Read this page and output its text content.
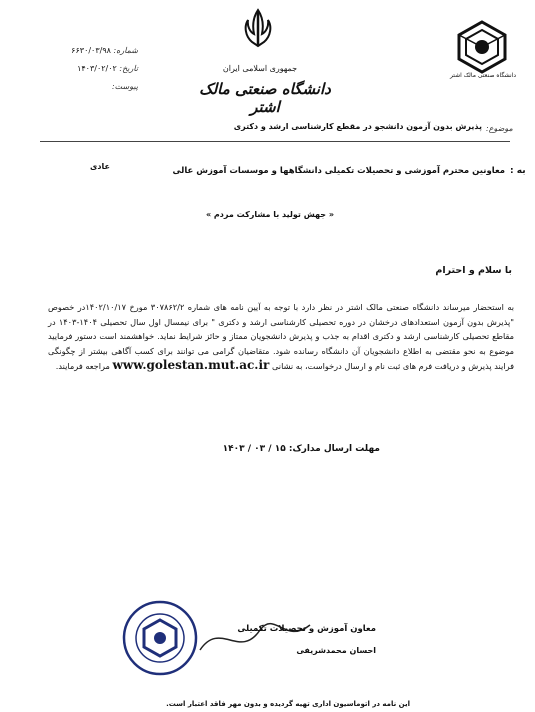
جمهوری اسلامی ایران
دانشگاه صنعتی مالک اشتر
دانشگاه صنعتی مالک اشتر
شماره: ۶۶۳۰/۰۳/۹۸
تاریخ: ۱۴۰۳/۰۲/۰۲
پیوست:
موضوع:
پذیرش بدون آزمون دانشجو در مقطع کارشناسی ارشد و دکتری
به :
معاونین محترم آموزشی و تحصیلات تکمیلی دانشگاهها و موسسات آموزش عالی
عادی
« جهش تولید با مشارکت مردم »
با سلام و احترام
به استحضار میرساند دانشگاه صنعتی مالک اشتر در نظر دارد با توجه به آیین نامه های شماره ۳۰۷۸۶۲/۲ مورخ ۱۴۰۲/۱۰/۱۷در خصوص "پذیرش بدون آزمون استعدادهای درخشان در دوره تحصیلی کارشناسی ارشد و دکتری " برای نیمسال اول سال تحصیلی ۱۴۰۴-۱۴۰۳ در مقاطع تحصیلی کارشناسی ارشد و دکتری اقدام به جذب و پذیرش دانشجویان ممتاز و حائز شرایط نماید. خواهشمند است دستور فرمایید موضوع به نحو مقتضی به اطلاع دانشجویان آن دانشگاه رسانده شود. متقاضیان گرامی می توانند برای کسب آگاهی بیشتر از چگونگی فرایند پذیرش و دریافت فرم های ثبت نام و ارسال درخواست، به نشانی www.golestan.mut.ac.ir مراجعه فرمایند.
مهلت ارسال مدارک: ۱۵ / ۰۳ / ۱۴۰۳
معاون آموزش و تحصیلات تکمیلی
احسان محمدشریفی
این نامه در اتوماسیون اداری تهیه گردیده و بدون مهر فاقد اعتبار است.
